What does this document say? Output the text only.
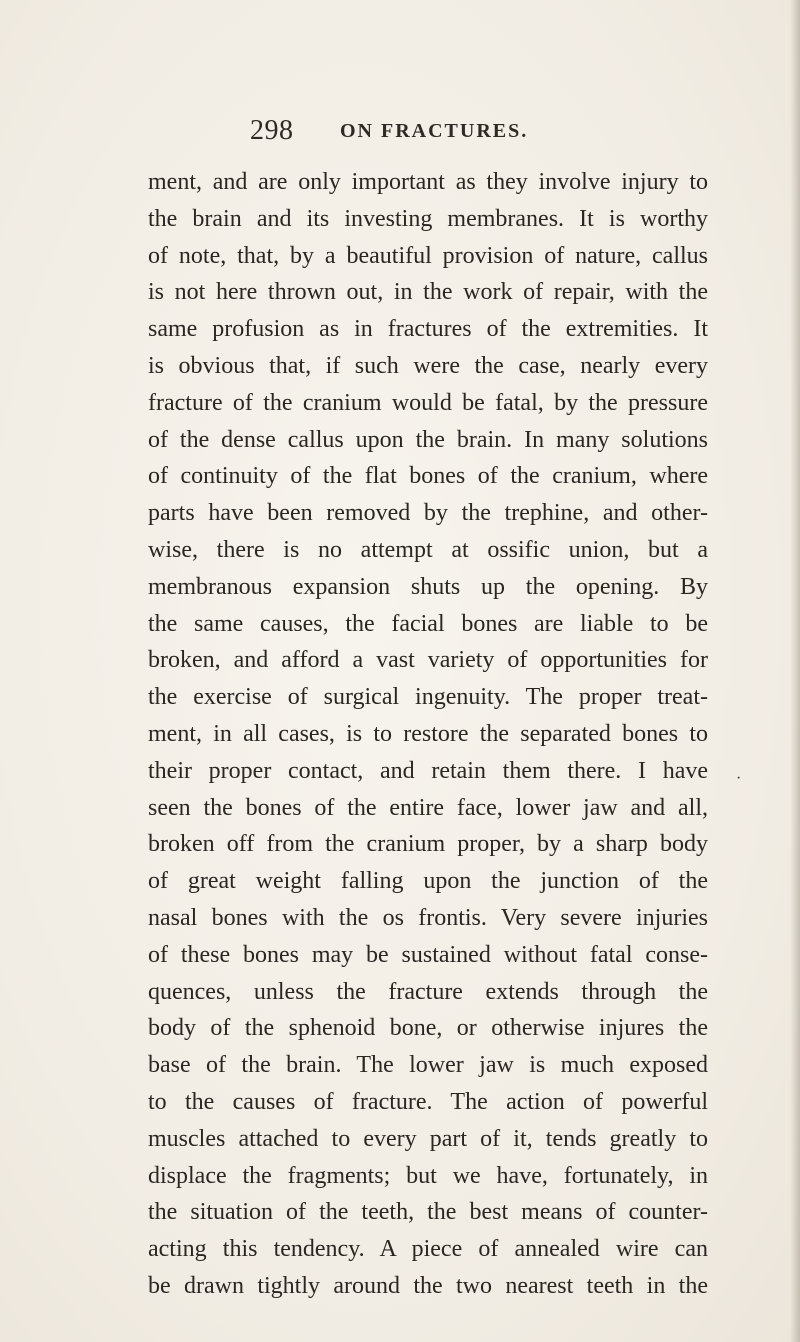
298 ON FRACTURES.
ment, and are only important as they involve injury to
the brain and its investing membranes. It is worthy
of note, that, by a beautiful provision of nature, callus
is not here thrown out, in the work of repair, with the
same profusion as in fractures of the extremities. It
is obvious that, if such were the case, nearly every
fracture of the cranium would be fatal, by the pressure
of the dense callus upon the brain. In many solutions
of continuity of the flat bones of the cranium, where
parts have been removed by the trephine, and other-
wise, there is no attempt at ossific union, but a
membranous expansion shuts up the opening. By
the same causes, the facial bones are liable to be
broken, and afford a vast variety of opportunities for
the exercise of surgical ingenuity. The proper treat-
ment, in all cases, is to restore the separated bones to
their proper contact, and retain them there. I have
seen the bones of the entire face, lower jaw and all,
broken off from the cranium proper, by a sharp body
of great weight falling upon the junction of the
nasal bones with the os frontis. Very severe injuries
of these bones may be sustained without fatal conse-
quences, unless the fracture extends through the
body of the sphenoid bone, or otherwise injures the
base of the brain. The lower jaw is much exposed
to the causes of fracture. The action of powerful
muscles attached to every part of it, tends greatly to
displace the fragments; but we have, fortunately, in
the situation of the teeth, the best means of counter-
acting this tendency. A piece of annealed wire can
be drawn tightly around the two nearest teeth in the
·
